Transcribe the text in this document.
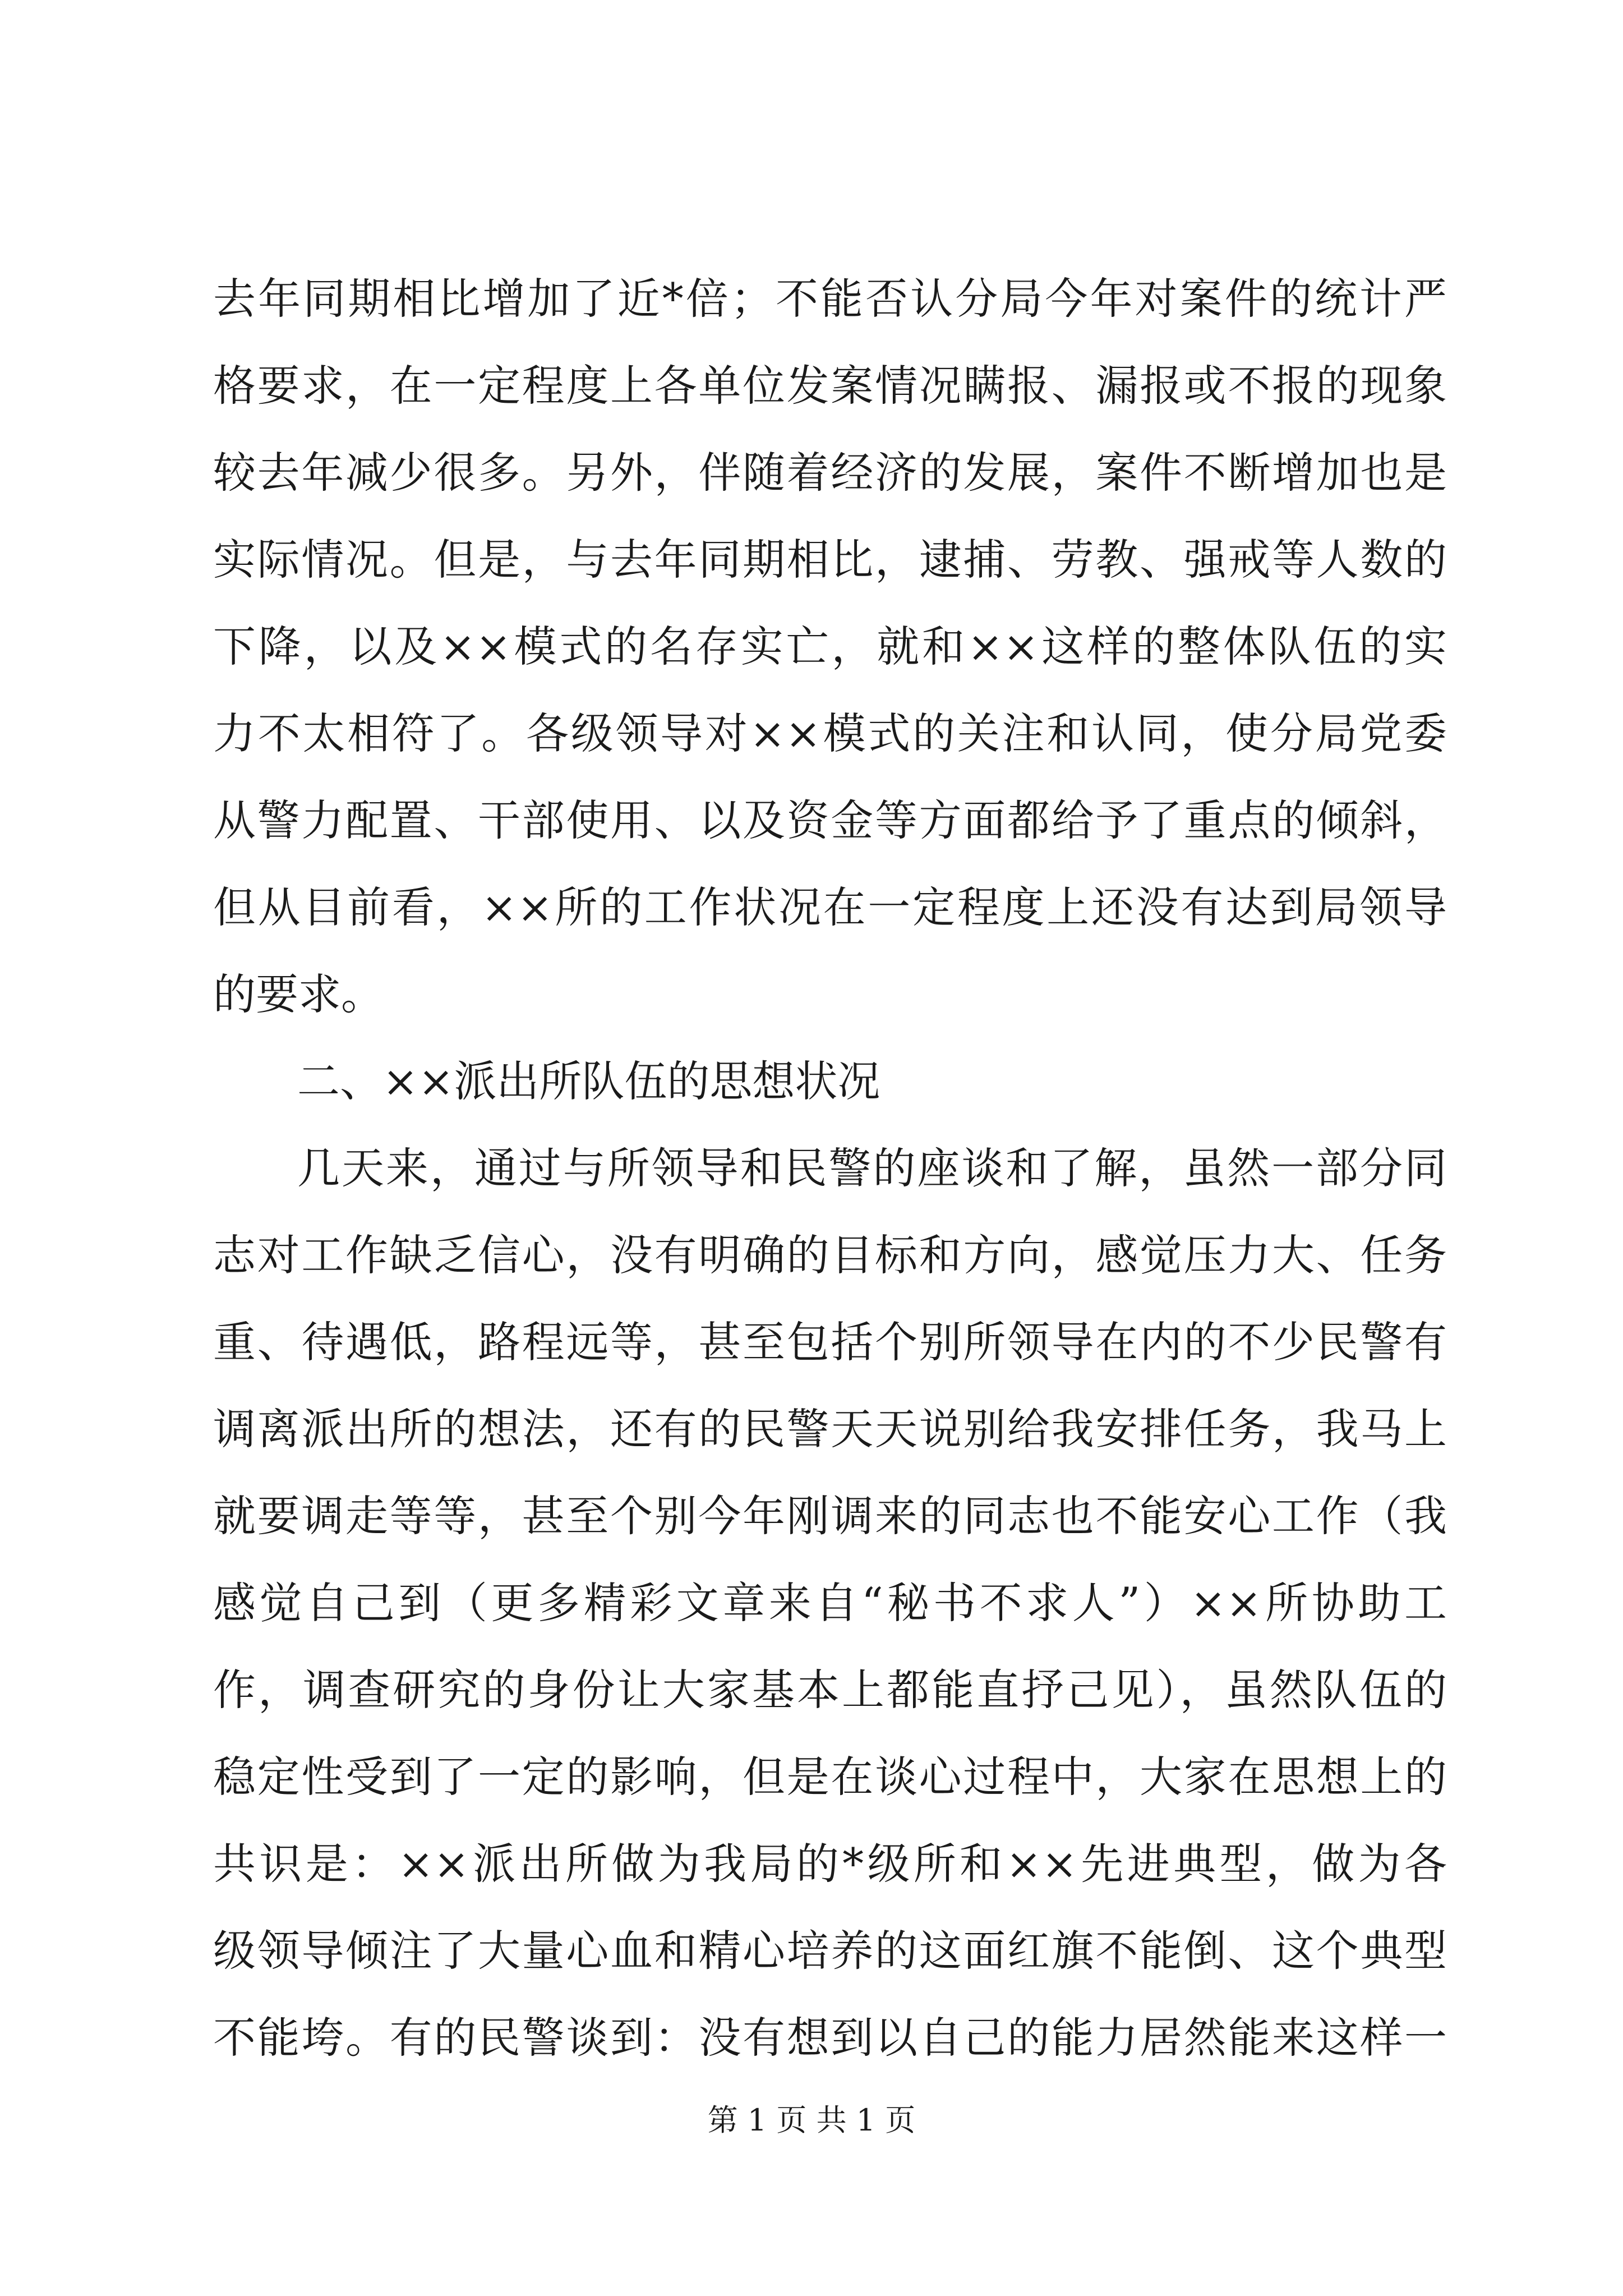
去年同期相比增加了近*倍；不能否认分局今年对案件的统计严
格要求，在一定程度上各单位发案情况瞒报、漏报或不报的现象
较去年减少很多。另外，伴随着经济的发展，案件不断增加也是
实际情况。但是，与去年同期相比，逮捕、劳教、强戒等人数的
下降，以及××模式的名存实亡，就和××这样的整体队伍的实
力不太相符了。各级领导对××模式的关注和认同，使分局党委
从警力配置、干部使用、以及资金等方面都给予了重点的倾斜，
但从目前看，××所的工作状况在一定程度上还没有达到局领导
的要求。
二、××派出所队伍的思想状况
几天来，通过与所领导和民警的座谈和了解，虽然一部分同
志对工作缺乏信心，没有明确的目标和方向，感觉压力大、任务
重、待遇低，路程远等，甚至包括个别所领导在内的不少民警有
调离派出所的想法，还有的民警天天说别给我安排任务，我马上
就要调走等等，甚至个别今年刚调来的同志也不能安心工作（我
感觉自己到（更多精彩文章来自“秘书不求人”）××所协助工
作，调查研究的身份让大家基本上都能直抒己见），虽然队伍的
稳定性受到了一定的影响，但是在谈心过程中，大家在思想上的
共识是：××派出所做为我局的*级所和××先进典型，做为各
级领导倾注了大量心血和精心培养的这面红旗不能倒、这个典型
不能垮。有的民警谈到：没有想到以自己的能力居然能来这样一
第 1 页 共 1 页
